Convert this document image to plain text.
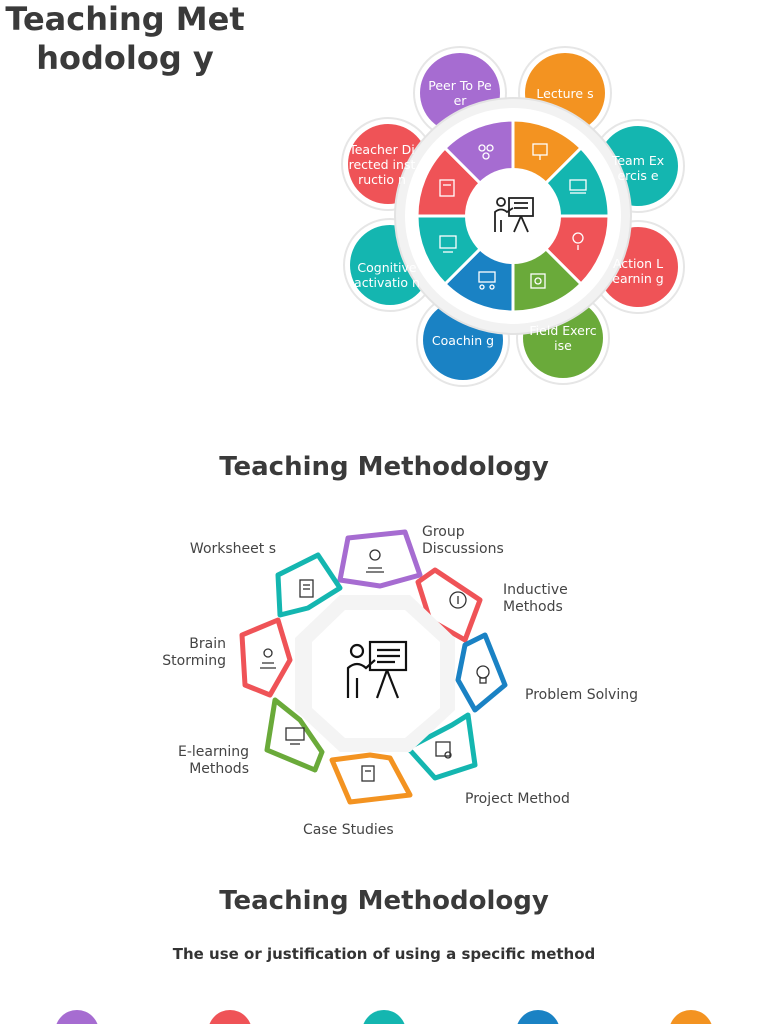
Teaching Methodolog y
Peer To Peer	Lecture s
Team Exercis e
Action Learnin g
Field Exercise
Coachin g
Cognitive activatio n
Teacher Directed instructio n
Teaching Methodology
Group Discussions
Inductive Methods
Problem Solving
Project Method
Case Studies
E-learning Methods
Brain Storming
Worksheet s
Teaching Methodology
The use or justification of using a specific method
